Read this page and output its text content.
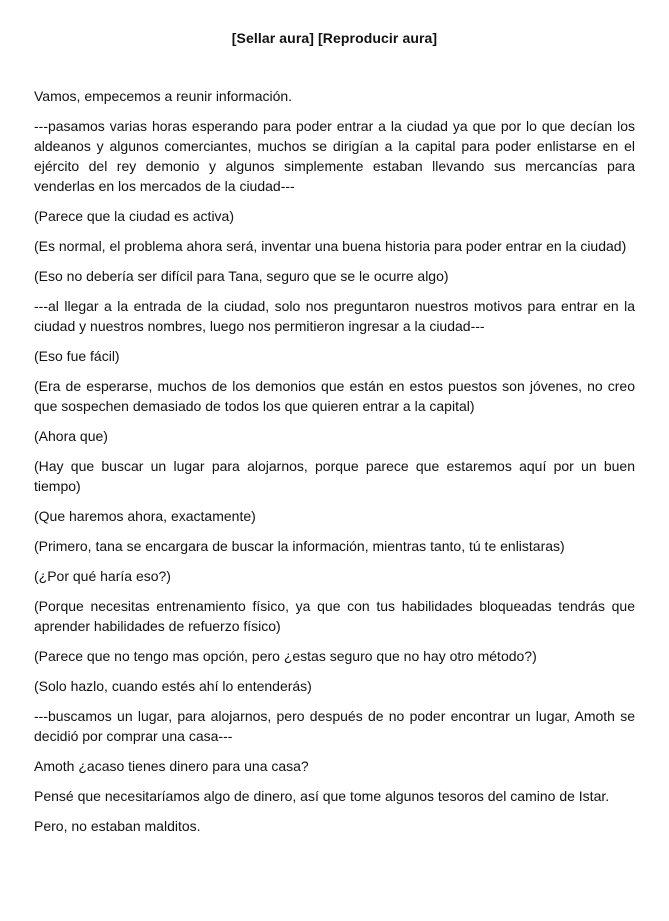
[Sellar aura] [Reproducir aura]

Vamos, empecemos a reunir información.

---pasamos varias horas esperando para poder entrar a la ciudad ya que por lo que decían los aldeanos y algunos comerciantes, muchos se dirigían a la capital para poder enlistarse en el ejército del rey demonio y algunos simplemente estaban llevando sus mercancías para venderlas en los mercados de la ciudad---

(Parece que la ciudad es activa)

(Es normal, el problema ahora será, inventar una buena historia para poder entrar en la ciudad)

(Eso no debería ser difícil para Tana, seguro que se le ocurre algo)

---al llegar a la entrada de la ciudad, solo nos preguntaron nuestros motivos para entrar en la ciudad y nuestros nombres, luego nos permitieron ingresar a la ciudad---

(Eso fue fácil)

(Era de esperarse, muchos de los demonios que están en estos puestos son jóvenes, no creo que sospechen demasiado de todos los que quieren entrar a la capital)

(Ahora que)

(Hay que buscar un lugar para alojarnos, porque parece que estaremos aquí por un buen tiempo)

(Que haremos ahora, exactamente)

(Primero, tana se encargara de buscar la información, mientras tanto, tú te enlistaras)

(¿Por qué haría eso?)

(Porque necesitas entrenamiento físico, ya que con tus habilidades bloqueadas tendrás que aprender habilidades de refuerzo físico)

(Parece que no tengo mas opción, pero ¿estas seguro que no hay otro método?)

(Solo hazlo, cuando estés ahí lo entenderás)

---buscamos un lugar, para alojarnos, pero después de no poder encontrar un lugar, Amoth se decidió por comprar una casa---

Amoth ¿acaso tienes dinero para una casa?

Pensé que necesitaríamos algo de dinero, así que tome algunos tesoros del camino de Istar.

Pero, no estaban malditos.
